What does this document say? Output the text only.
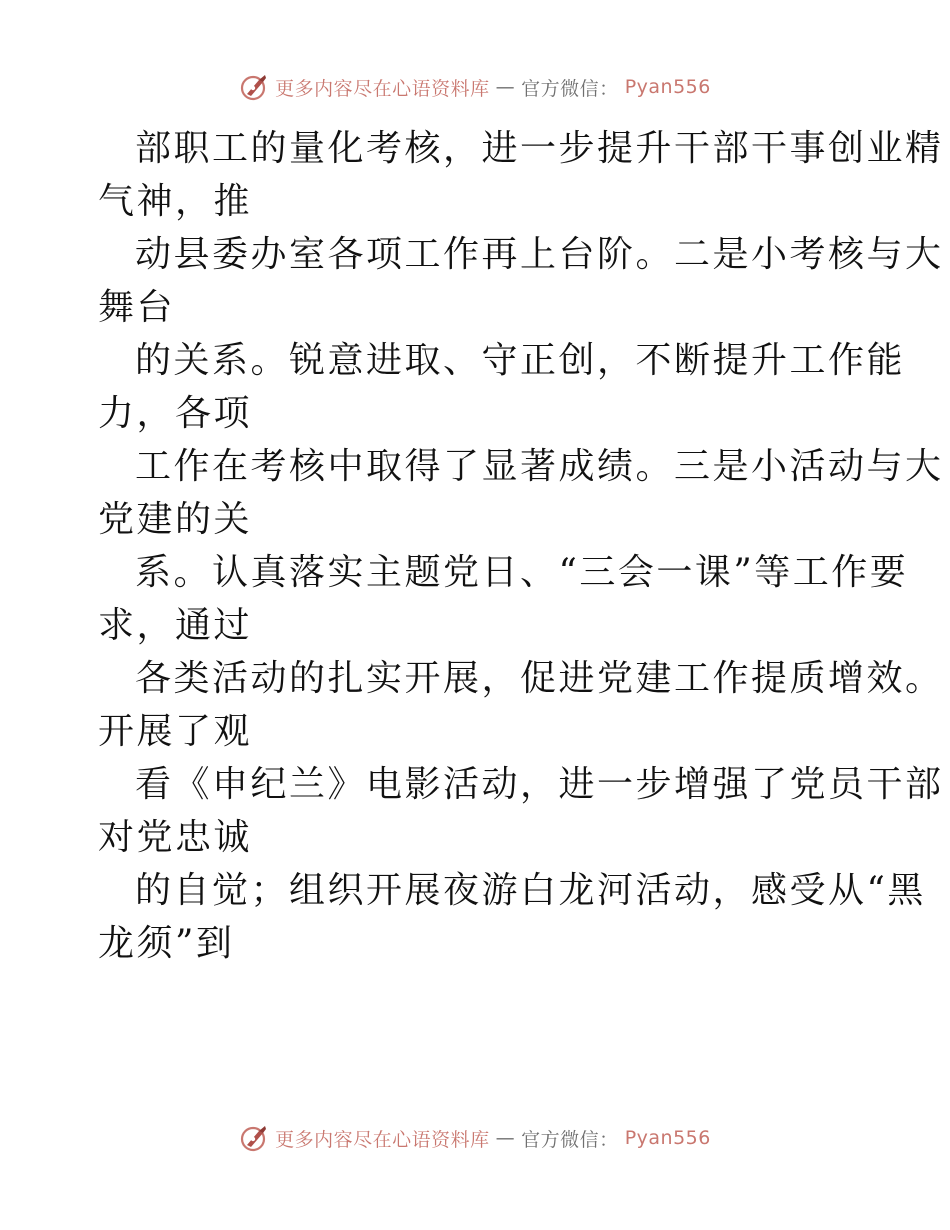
更多内容尽在心语资料库 — 官方微信： Pyan556
部职工的量化考核，进一步提升干部干事创业精
气神，推
动县委办室各项工作再上台阶。二是小考核与大
舞台
的关系。锐意进取、守正创，不断提升工作能
力，各项
工作在考核中取得了显著成绩。三是小活动与大
党建的关
系。认真落实主题党日、“三会一课”等工作要
求，通过
各类活动的扎实开展，促进党建工作提质增效。
开展了观
看《申纪兰》电影活动，进一步增强了党员干部
对党忠诚
的自觉；组织开展夜游白龙河活动，感受从“黑
龙须”到
更多内容尽在心语资料库 — 官方微信： Pyan556
